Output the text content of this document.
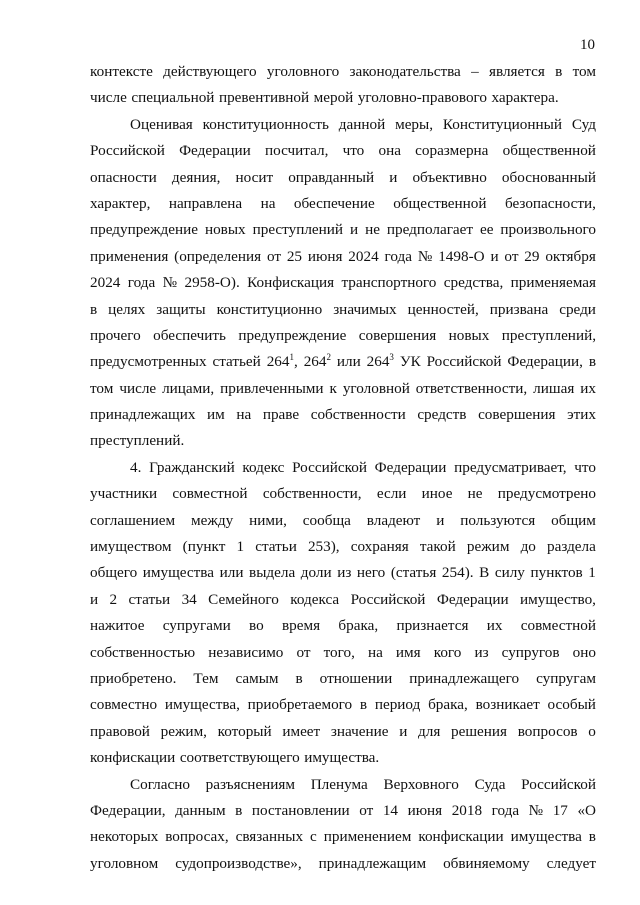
10
контексте действующего уголовного законодательства – является в том
числе специальной превентивной мерой уголовно-правового характера.
Оценивая конституционность данной меры, Конституционный Суд
Российской Федерации посчитал, что она соразмерна общественной
опасности деяния, носит оправданный и объективно обоснованный
характер, направлена на обеспечение общественной безопасности,
предупреждение новых преступлений и не предполагает ее произвольного
применения (определения от 25 июня 2024 года № 1498-О и от 29 октября
2024 года № 2958-О). Конфискация транспортного средства, применяемая
в целях защиты конституционно значимых ценностей, призвана среди
прочего обеспечить предупреждение совершения новых преступлений,
предусмотренных статьей $264^1$, $264^2$ или $264^3$ УК Российской Федерации, в
том числе лицами, привлеченными к уголовной ответственности, лишая их
принадлежащих им на праве собственности средств совершения этих
преступлений.
4. Гражданский кодекс Российской Федерации предусматривает, что
участники совместной собственности, если иное не предусмотрено
соглашением между ними, сообща владеют и пользуются общим
имуществом (пункт 1 статьи 253), сохраняя такой режим до раздела
общего имущества или выдела доли из него (статья 254). В силу пунктов 1
и 2 статьи 34 Семейного кодекса Российской Федерации имущество,
нажитое супругами во время брака, признается их совместной
собственностью независимо от того, на имя кого из супругов оно
приобретено. Тем самым в отношении принадлежащего супругам
совместно имущества, приобретаемого в период брака, возникает особый
правовой режим, который имеет значение и для решения вопросов о
конфискации соответствующего имущества.
Согласно разъяснениям Пленума Верховного Суда Российской
Федерации, данным в постановлении от 14 июня 2018 года № 17 «О
некоторых вопросах, связанных с применением конфискации имущества в
уголовном судопроизводстве», принадлежащим обвиняемому следует
